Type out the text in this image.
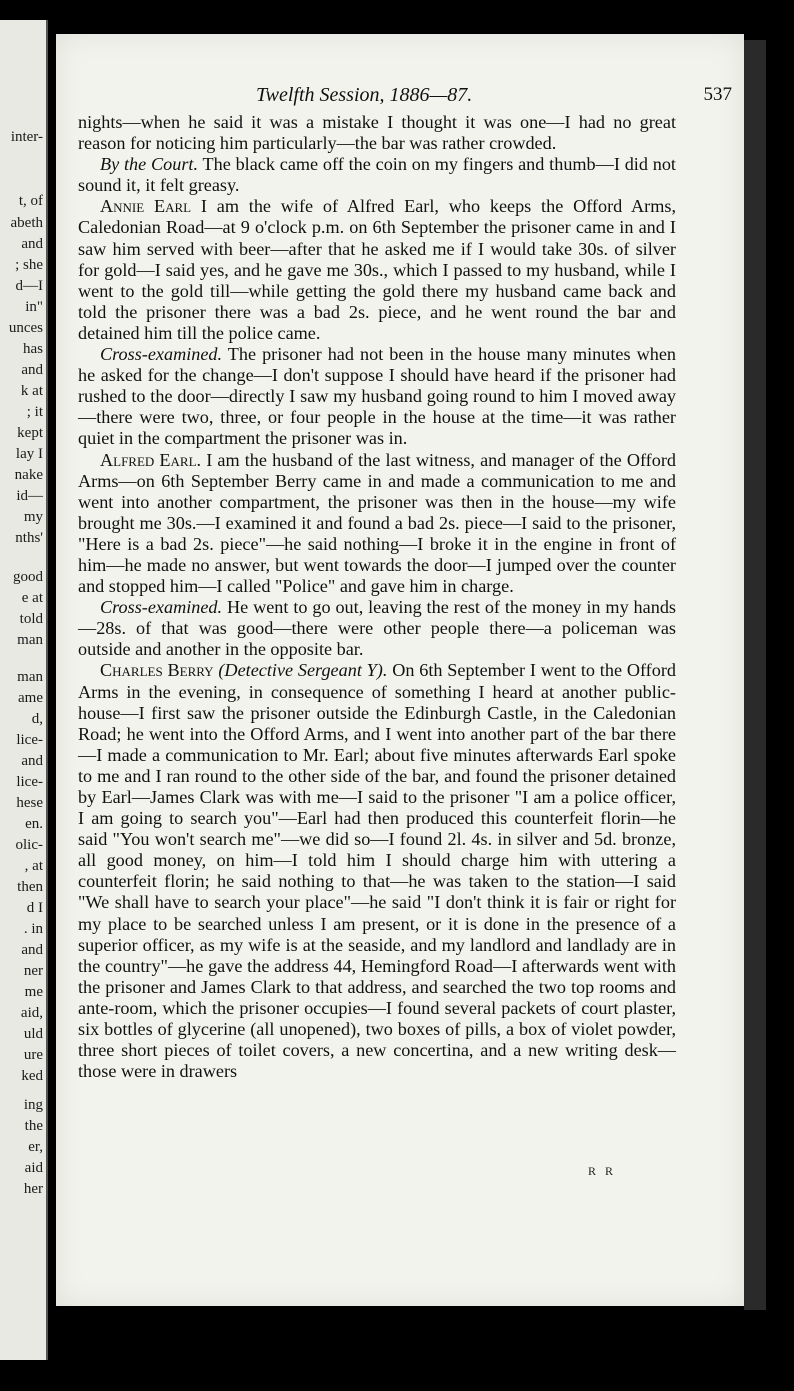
inter-
t, of
abeth
and
; she
d—I
in"
unces
has
and
k at
; it
kept
lay I
nake
id—
my
nths'
good
e at
told
man
man
ame
d,
lice-
and
lice-
hese
en.
olic-
, at
then
d I
. in
and
ner
me
aid,
uld
ure
ked
ing
the
er,
aid
her
Twelfth Session, 1886—87.	537

nights—when he said it was a mistake I thought it was one—I had no great reason for noticing him particularly—the bar was rather crowded.

By the Court. The black came off the coin on my fingers and thumb—I did not sound it, it felt greasy.

Annie Earl I am the wife of Alfred Earl, who keeps the Offord Arms, Caledonian Road—at 9 o'clock p.m. on 6th September the prisoner came in and I saw him served with beer—after that he asked me if I would take 30s. of silver for gold—I said yes, and he gave me 30s., which I passed to my husband, while I went to the gold till—while getting the gold there my husband came back and told the prisoner there was a bad 2s. piece, and he went round the bar and detained him till the police came.

Cross-examined. The prisoner had not been in the house many minutes when he asked for the change—I don't suppose I should have heard if the prisoner had rushed to the door—directly I saw my husband going round to him I moved away—there were two, three, or four people in the house at the time—it was rather quiet in the compartment the prisoner was in.

Alfred Earl. I am the husband of the last witness, and manager of the Offord Arms—on 6th September Berry came in and made a communication to me and went into another compartment, the prisoner was then in the house—my wife brought me 30s.—I examined it and found a bad 2s. piece—I said to the prisoner, "Here is a bad 2s. piece"—he said nothing—I broke it in the engine in front of him—he made no answer, but went towards the door—I jumped over the counter and stopped him—I called "Police" and gave him in charge.

Cross-examined. He went to go out, leaving the rest of the money in my hands—28s. of that was good—there were other people there—a policeman was outside and another in the opposite bar.

Charles Berry (Detective Sergeant Y). On 6th September I went to the Offord Arms in the evening, in consequence of something I heard at another public-house—I first saw the prisoner outside the Edinburgh Castle, in the Caledonian Road; he went into the Offord Arms, and I went into another part of the bar there—I made a communication to Mr. Earl; about five minutes afterwards Earl spoke to me and I ran round to the other side of the bar, and found the prisoner detained by Earl—James Clark was with me—I said to the prisoner "I am a police officer, I am going to search you"—Earl had then produced this counterfeit florin—he said "You won't search me"—we did so—I found 2l. 4s. in silver and 5d. bronze, all good money, on him—I told him I should charge him with uttering a counterfeit florin; he said nothing to that—he was taken to the station—I said "We shall have to search your place"—he said "I don't think it is fair or right for my place to be searched unless I am present, or it is done in the presence of a superior officer, as my wife is at the seaside, and my landlord and landlady are in the country"—he gave the address 44, Hemingford Road—I afterwards went with the prisoner and James Clark to that address, and searched the two top rooms and ante-room, which the prisoner occupies—I found several packets of court plaster, six bottles of glycerine (all unopened), two boxes of pills, a box of violet powder, three short pieces of toilet covers, a new concertina, and a new writing desk—those were in drawers

R R
